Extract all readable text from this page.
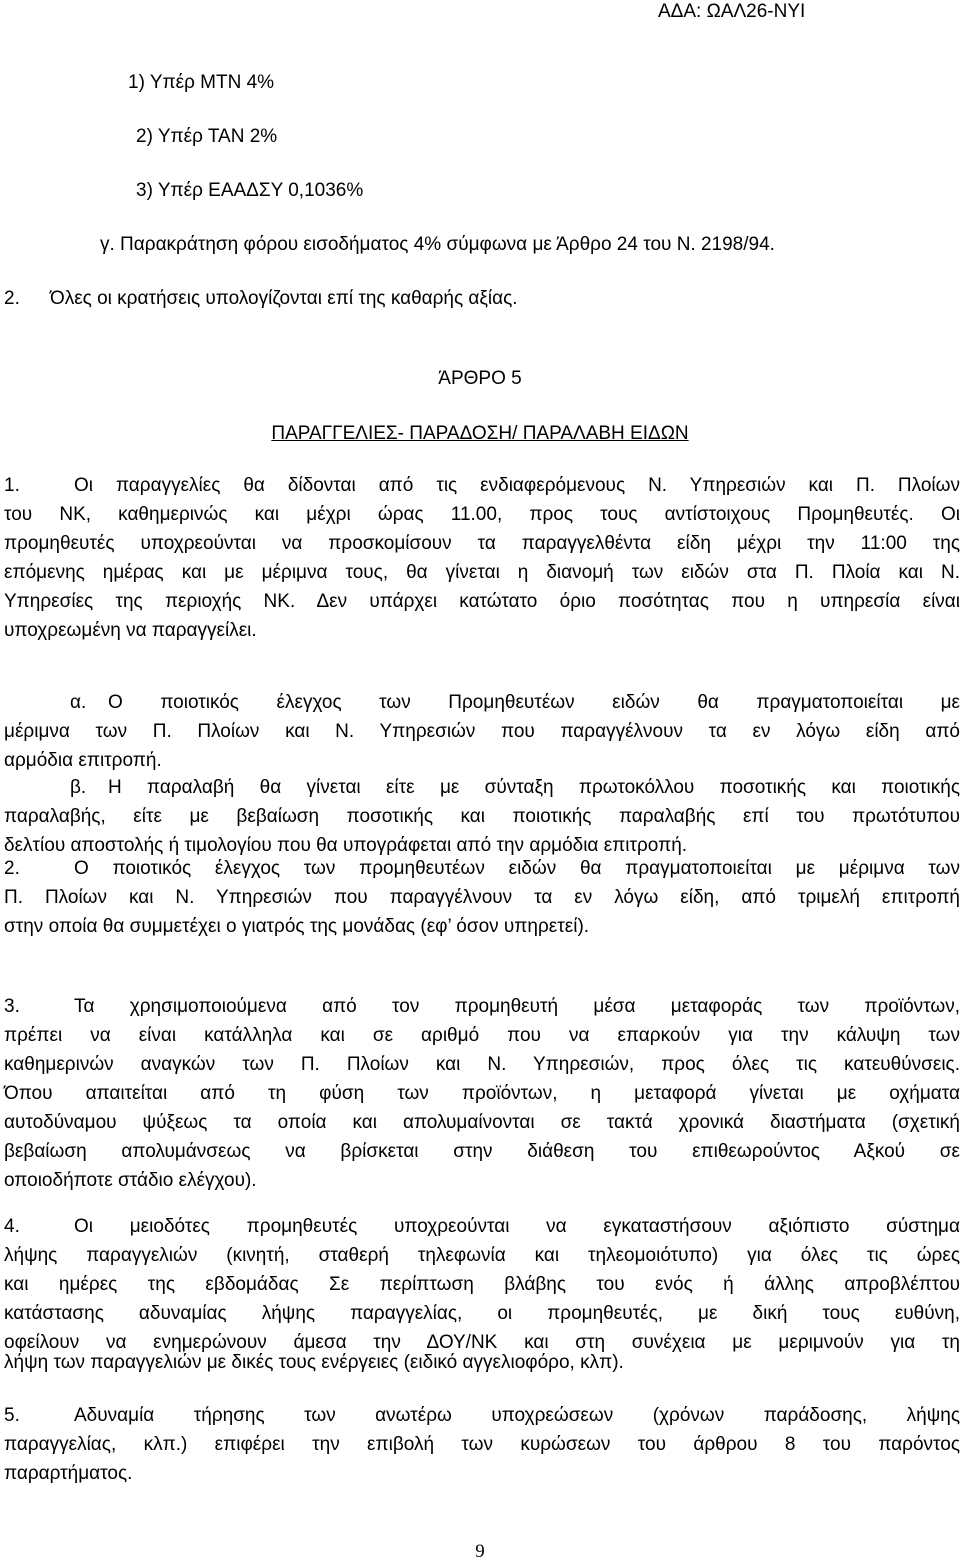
ΑΔΑ: ΩΑΛ26-ΝΥΙ
1) Υπέρ ΜΤΝ 4%
2) Υπέρ ΤΑΝ 2%
3) Υπέρ ΕΑΑΔΣΥ 0,1036%
γ. Παρακράτηση φόρου εισοδήματος 4% σύμφωνα με Άρθρο 24 του Ν. 2198/94.
2. Όλες οι κρατήσεις υπολογίζονται επί της καθαρής αξίας.
ΆΡΘΡΟ 5
ΠΑΡΑΓΓΕΛΙΕΣ- ΠΑΡΑΔΟΣΗ/ ΠΑΡΑΛΑΒΗ ΕΙΔΩΝ
1.	Οι παραγγελίες θα δίδονται από τις ενδιαφερόμενους Ν. Υπηρεσιών και Π. Πλοίων
του ΝΚ, καθημερινώς και μέχρι ώρας 11.00, προς τους αντίστοιχους Προμηθευτές. Οι
προμηθευτές υποχρεούνται να προσκομίσουν τα παραγγελθέντα είδη μέχρι την 11:00 της
επόμενης ημέρας και με μέριμνα τους, θα γίνεται η διανομή των ειδών στα Π. Πλοία και Ν.
Υπηρεσίες της περιοχής ΝΚ. Δεν υπάρχει κατώτατο όριο ποσότητας που η υπηρεσία είναι
υποχρεωμένη να παραγγείλει.
α. Ο ποιοτικός έλεγχος των Προμηθευτέων ειδών θα πραγματοποιείται με
μέριμνα των Π. Πλοίων και Ν. Υπηρεσιών που παραγγέλνουν τα εν λόγω είδη από
αρμόδια επιτροπή.
β. Η παραλαβή θα γίνεται είτε με σύνταξη πρωτοκόλλου ποσοτικής και ποιοτικής
παραλαβής, είτε με βεβαίωση ποσοτικής και ποιοτικής παραλαβής επί του πρωτότυπου
δελτίου αποστολής ή τιμολογίου που θα υπογράφεται από την αρμόδια επιτροπή.
2.	Ο ποιοτικός έλεγχος των προμηθευτέων ειδών θα πραγματοποιείται με μέριμνα των
Π. Πλοίων και Ν. Υπηρεσιών που παραγγέλνουν τα εν λόγω είδη, από τριμελή επιτροπή
στην οποία θα συμμετέχει ο γιατρός της μονάδας (εφ’ όσον υπηρετεί).
3.	Τα χρησιμοποιούμενα από τον προμηθευτή μέσα μεταφοράς των προϊόντων,
πρέπει να είναι κατάλληλα και σε αριθμό που να επαρκούν για την κάλυψη των
καθημερινών αναγκών των Π. Πλοίων και Ν. Υπηρεσιών, προς όλες τις κατευθύνσεις.
Όπου απαιτείται από τη φύση των προϊόντων, η μεταφορά γίνεται με οχήματα
αυτοδύναμου ψύξεως τα οποία και απολυμαίνονται σε τακτά χρονικά διαστήματα (σχετική
βεβαίωση απολυμάνσεως να βρίσκεται στην διάθεση του επιθεωρούντος Αξκού σε
οποιοδήποτε στάδιο ελέγχου).
4.	Οι μειοδότες προμηθευτές υποχρεούνται να εγκαταστήσουν αξιόπιστο σύστημα
λήψης παραγγελιών (κινητή, σταθερή τηλεφωνία και τηλεομοιότυπο) για όλες τις ώρες
και ημέρες της εβδομάδας Σε περίπτωση βλάβης του ενός ή άλλης απροβλέπτου
κατάστασης αδυναμίας λήψης παραγγελίας, οι προμηθευτές, με δική τους ευθύνη,
οφείλουν να ενημερώνουν άμεσα την ΔΟΥ/ΝΚ και στη συνέχεια με μεριμνούν για τη
λήψη των παραγγελιών με δικές τους ενέργειες (ειδικό αγγελιοφόρο, κλπ).
5.	Αδυναμία τήρησης των ανωτέρω υποχρεώσεων (χρόνων παράδοσης, λήψης
παραγγελίας, κλπ.) επιφέρει την επιβολή των κυρώσεων του άρθρου 8 του παρόντος
παραρτήματος.
9
